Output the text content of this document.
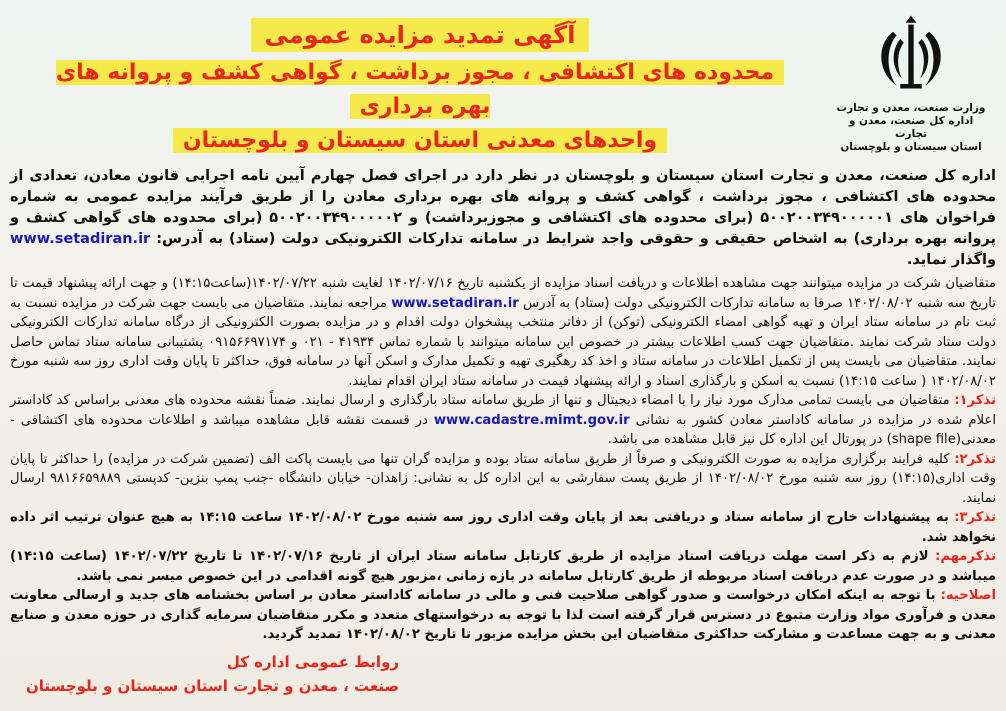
آگهی تمدید مزایده عمومی
محدوده های اکتشافی ، مجوز برداشت ، گواهی کشف و پروانه های بهره برداری
واحدهای معدنی استان سیستان و بلوچستان
وزارت صنعت، معدن و تجارت
اداره کل صنعت، معدن و تجارت
استان سیستان و بلوچستان

اداره کل صنعت، معدن و تجارت استان سیستان و بلوچستان در نظر دارد در اجرای فصل چهارم آیین نامه اجرایی قانون معادن، تعدادی از محدوده های اکتشافی ، مجوز برداشت ، گواهی کشف و پروانه های بهره برداری معادن را از طریق فرآیند مزایده عمومی به شماره فراخوان های ۵۰۰۲۰۰۳۴۹۰۰۰۰۰۱ (برای محدوده های اکتشافی و مجوزبرداشت) و ۵۰۰۲۰۰۳۴۹۰۰۰۰۰۲ (برای محدوده های گواهی کشف و پروانه بهره برداری) به اشخاص حقیقی و حقوقی واجد شرایط در سامانه تدارکات الکترونیکی دولت (ستاد) به آدرس: www.setadiran.ir واگذار نماید.

متقاضیان شرکت در مزایده میتوانند جهت مشاهده اطلاعات و دریافت اسناد مزایده از یکشنبه تاریخ ۱۴۰۲/۰۷/۱۶ لغایت شنبه ۱۴۰۲/۰۷/۲۲(ساعت۱۴:۱۵) و جهت ارائه پیشنهاد قیمت تا تاریخ سه شنبه ۱۴۰۲/۰۸/۰۲ صرفا به سامانه تدارکات الکترونیکی دولت (ستاد) به آدرس www.setadiran.ir مراجعه نمایند. متقاضیان می بایست جهت شرکت در مزایده نسبت به ثبت نام در سامانه ستاد ایران و تهیه گواهی امضاء الکترونیکی (توکن) از دفاتر منتخب پیشخوان دولت اقدام و در مزایده بصورت الکترونیکی از درگاه سامانه تدارکات الکترونیکی دولت ستاد شرکت نمایند .متقاضیان جهت کسب اطلاعات بیشتر در خصوص این سامانه میتوانند با شماره تماس ۴۱۹۳۴ - ۰۲۱ و ۰۹۱۵۶۶۹۷۱۷۴ پشتیبانی سامانه ستاد تماس حاصل نمایند. متقاضیان می بایست پس از تکمیل اطلاعات در سامانه ستاد و اخذ کد رهگیری تهیه و تکمیل مدارک و اسکن آنها در سامانه فوق، حداکثر تا پایان وقت اداری روز سه شنبه مورخ ۱۴۰۲/۰۸/۰۲ ( ساعت ۱۴:۱۵) نسبت به اسکن و بارگذاری اسناد و ارائه پیشنهاد قیمت در سامانه ستاد ایران اقدام نمایند.

تذکر۱: متقاضیان می بایست تمامی مدارک مورد نیاز را با امضاء دیجیتال و تنها از طریق سامانه ستاد بارگذاری و ارسال نمایند. ضمناً نقشه محدوده های معدنی براساس کد کاداستر اعلام شده در مزایده در سامانه کاداستر معادن کشور به نشانی www.cadastre.mimt.gov.ir در قسمت نقشه قابل مشاهده میباشد و اطلاعات محدوده های اکتشافی - معدنی(shape file) در پورتال این اداره کل نیز قابل مشاهده می باشد.

تذکر۲: کلیه فرایند برگزاری مزایده به صورت الکترونیکی و صرفاً از طریق سامانه ستاد بوده و مزایده گران تنها می بایست پاکت الف (تضمین شرکت در مزایده) را حداکثر تا پایان وقت اداری(۱۴:۱۵) روز سه شنبه مورخ ۱۴۰۲/۰۸/۰۲ از طریق پست سفارشی به این اداره کل به نشانی: زاهدان- خیابان دانشگاه -جنب پمپ بنزین- کدپستی ۹۸۱۶۶۵۹۸۸۹ ارسال نمایند.

تذکر۳: به پیشنهادات خارج از سامانه ستاد و دریافتی بعد از پایان وقت اداری روز سه شنبه مورخ ۱۴۰۲/۰۸/۰۲ ساعت ۱۴:۱۵ به هیچ عنوان ترتیب اثر داده نخواهد شد.

تذکرمهم: لازم به ذکر است مهلت دریافت اسناد مزایده از طریق کارتابل سامانه ستاد ایران از تاریخ ۱۴۰۲/۰۷/۱۶ تا تاریخ ۱۴۰۲/۰۷/۲۲ (ساعت ۱۴:۱۵) میباشد و در صورت عدم دریافت اسناد مربوطه از طریق کارتابل سامانه در بازه زمانی ،مزبور هیچ گونه اقدامی در این خصوص میسر نمی باشد.

اصلاحیه: با توجه به اینکه امکان درخواست و صدور گواهی صلاحیت فنی و مالی در سامانه کاداستر معادن بر اساس بخشنامه های جدید و ارسالی معاونت معدن و فرآوری مواد وزارت متبوع در دسترس قرار گرفته است لذا با توجه به درخواستهای متعدد و مکرر متقاضیان سرمایه گذاری در حوزه معدن و صنایع معدنی و به جهت مساعدت و مشارکت حداکثری متقاضیان این بخش مزایده مزبور تا تاریخ ۱۴۰۲/۰۸/۰۲ تمدید گردید.

روابط عمومی اداره کل
صنعت ، معدن و تجارت استان سیستان و بلوچستان
